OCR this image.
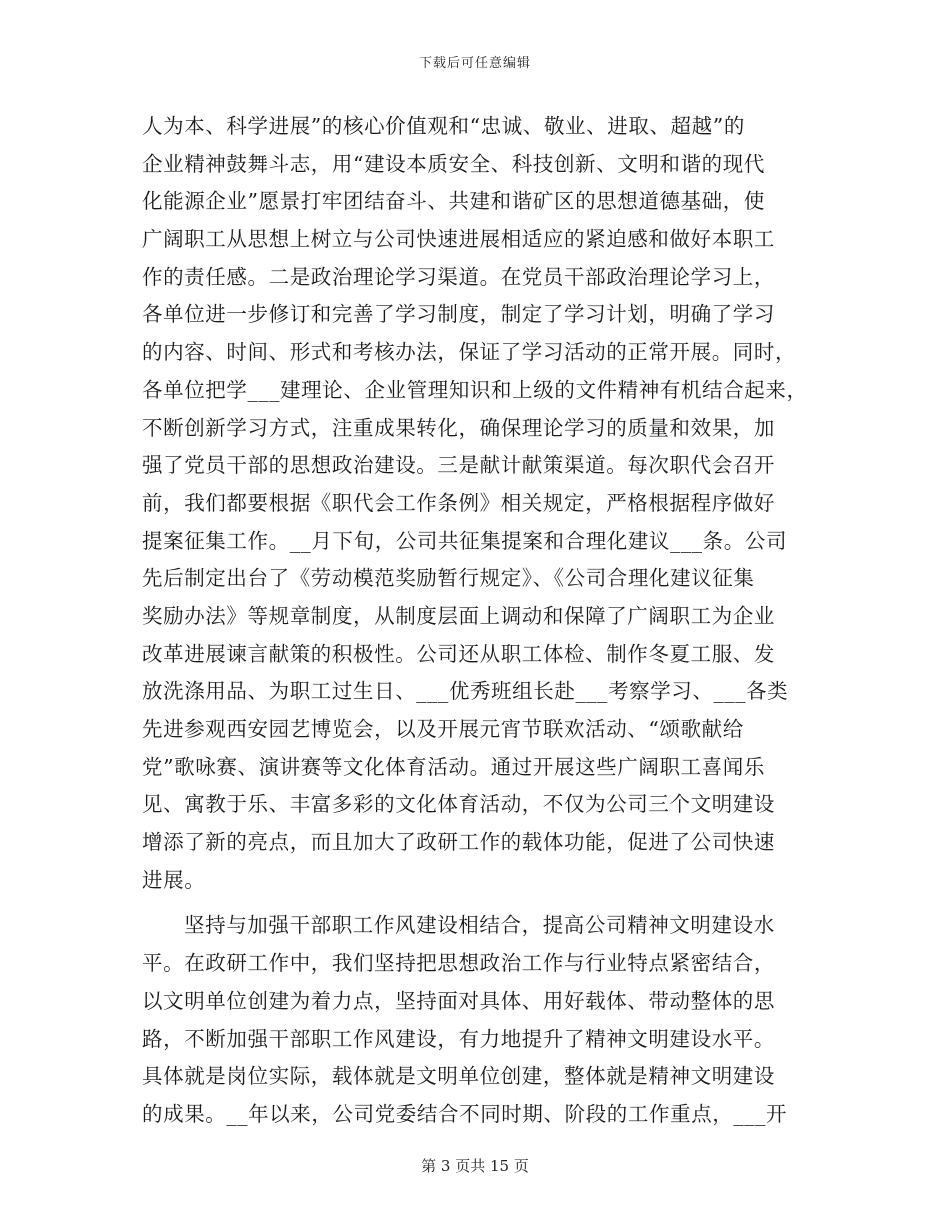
下载后可任意编辑
人为本、科学进展”的核心价值观和“忠诚、敬业、进取、超越”的
企业精神鼓舞斗志，用“建设本质安全、科技创新、文明和谐的现代
化能源企业”愿景打牢团结奋斗、共建和谐矿区的思想道德基础，使
广阔职工从思想上树立与公司快速进展相适应的紧迫感和做好本职工
作的责任感。二是政治理论学习渠道。在党员干部政治理论学习上，
各单位进一步修订和完善了学习制度，制定了学习计划，明确了学习
的内容、时间、形式和考核办法，保证了学习活动的正常开展。同时，
各单位把学___建理论、企业管理知识和上级的文件精神有机结合起来，
不断创新学习方式，注重成果转化，确保理论学习的质量和效果，加
强了党员干部的思想政治建设。三是献计献策渠道。每次职代会召开
前，我们都要根据《职代会工作条例》相关规定，严格根据程序做好
提案征集工作。__月下旬，公司共征集提案和合理化建议___条。公司
先后制定出台了《劳动模范奖励暂行规定》、《公司合理化建议征集
奖励办法》等规章制度，从制度层面上调动和保障了广阔职工为企业
改革进展谏言献策的积极性。公司还从职工体检、制作冬夏工服、发
放洗涤用品、为职工过生日、___优秀班组长赴___考察学习、___各类
先进参观西安园艺博览会，以及开展元宵节联欢活动、“颂歌献给
党”歌咏赛、演讲赛等文化体育活动。通过开展这些广阔职工喜闻乐
见、寓教于乐、丰富多彩的文化体育活动，不仅为公司三个文明建设
增添了新的亮点，而且加大了政研工作的载体功能，促进了公司快速
进展。
坚持与加强干部职工作风建设相结合，提高公司精神文明建设水
平。在政研工作中，我们坚持把思想政治工作与行业特点紧密结合，
以文明单位创建为着力点，坚持面对具体、用好载体、带动整体的思
路，不断加强干部职工作风建设，有力地提升了精神文明建设水平。
具体就是岗位实际，载体就是文明单位创建，整体就是精神文明建设
的成果。__年以来，公司党委结合不同时期、阶段的工作重点，___开
第 3 页共 15 页
